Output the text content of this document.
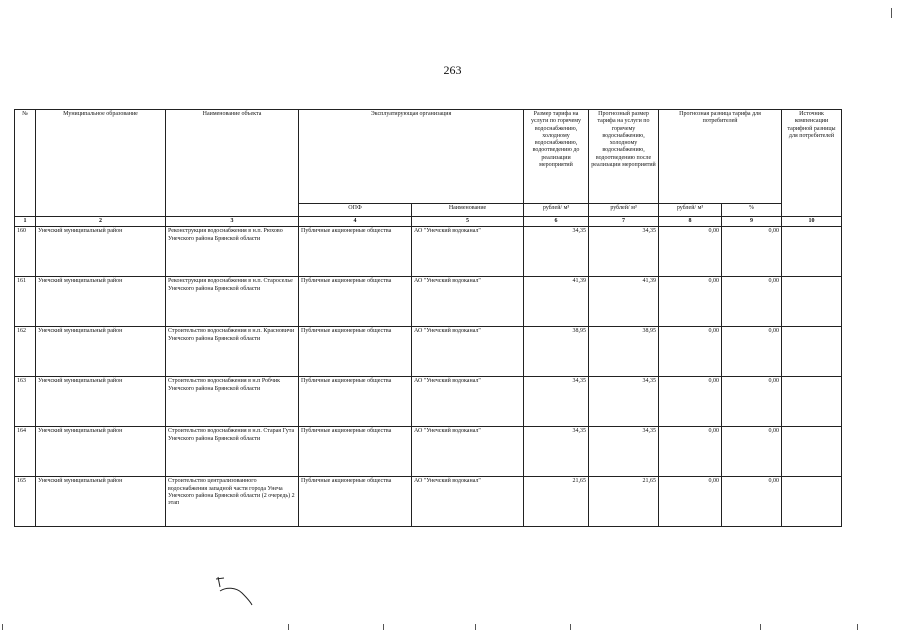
263
№	Муниципальное образование	Наименование объекта	Эксплуатирующая организация		Размер тарифа на услуги по горячему водоснабжению, холодному водоснабжению, водоотведению до реализации мероприятий	Прогнозный размер тарифа на услуги по горячему водоснабжению, холодному водоснабжению, водоотведению после реализации мероприятий	Прогнозная разница тарифа для потребителей		Источник компенсации тарифной разницы для потребителей
			ОПФ	Наименование	рублей/ м³	рублей/ м³	рублей/ м³	%	
1	2	3	4	5	6	7	8	9	10
160	Унечский муниципальный район	Реконструкция водоснабжения в н.п. Рюхово Унечского района Брянской области	Публичные акционерные общества	АО "Унечский водоканал"	34,35	34,35	0,00	0,00	
161	Унечский муниципальный район	Реконструкция водоснабжения в н.п. Старосельe Унечского района Брянской области	Публичные акционерные общества	АО "Унечский водоканал"	41,39	41,39	0,00	0,00	
162	Унечский муниципальный район	Строительство водоснабжения в н.п. Красновичи Унечского района Брянской области	Публичные акционерные общества	АО "Унечский водоканал"	38,95	38,95	0,00	0,00	
163	Унечский муниципальный район	Строительство водоснабжения в н.п Робчик Унечского района Брянской области	Публичные акционерные общества	АО "Унечский водоканал"	34,35	34,35	0,00	0,00	
164	Унечский муниципальный район	Строительство водоснабжения в н.п. Старая Гута Унечского района Брянской области	Публичные акционерные общества	АО "Унечский водоканал"	34,35	34,35	0,00	0,00	
165	Унечский муниципальный район	Строительство централизованного водоснабжения западной части города Унеча Унечского района Брянской области (2 очередь) 2 этап	Публичные акционерные общества	АО "Унечский водоканал"	21,65	21,65	0,00	0,00	
